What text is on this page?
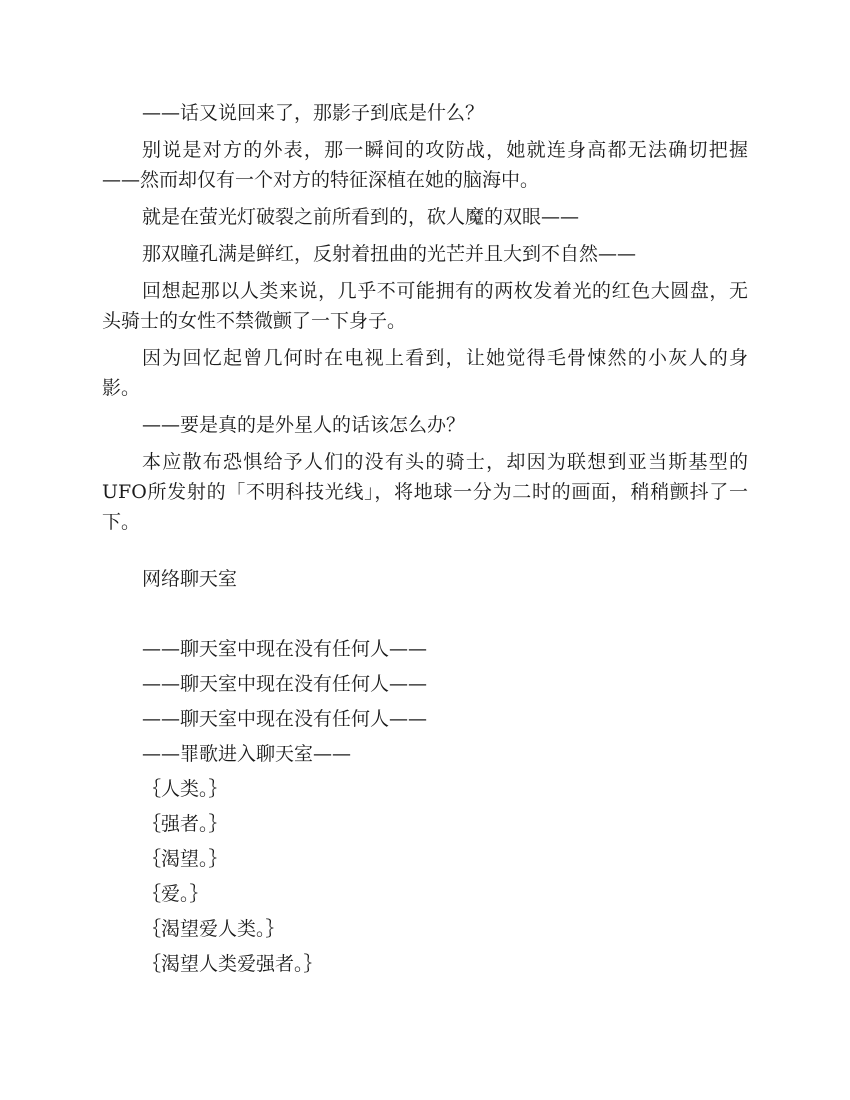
——话又说回来了，那影子到底是什么？

别说是对方的外表，那一瞬间的攻防战，她就连身高都无法确切把握——然而却仅有一个对方的特征深植在她的脑海中。

就是在萤光灯破裂之前所看到的，砍人魔的双眼——

那双瞳孔满是鲜红，反射着扭曲的光芒并且大到不自然——

回想起那以人类来说，几乎不可能拥有的两枚发着光的红色大圆盘，无头骑士的女性不禁微颤了一下身子。

因为回忆起曾几何时在电视上看到，让她觉得毛骨悚然的小灰人的身影。

——要是真的是外星人的话该怎么办？

本应散布恐惧给予人们的没有头的骑士，却因为联想到亚当斯基型的UFO所发射的「不明科技光线」，将地球一分为二时的画面，稍稍颤抖了一下。

网络聊天室

——聊天室中现在没有任何人——

——聊天室中现在没有任何人——

——聊天室中现在没有任何人——

——罪歌进入聊天室——

｛人类。｝

｛强者。｝

｛渴望。｝

｛爱。｝

｛渴望爱人类。｝

｛渴望人类爱强者。｝
